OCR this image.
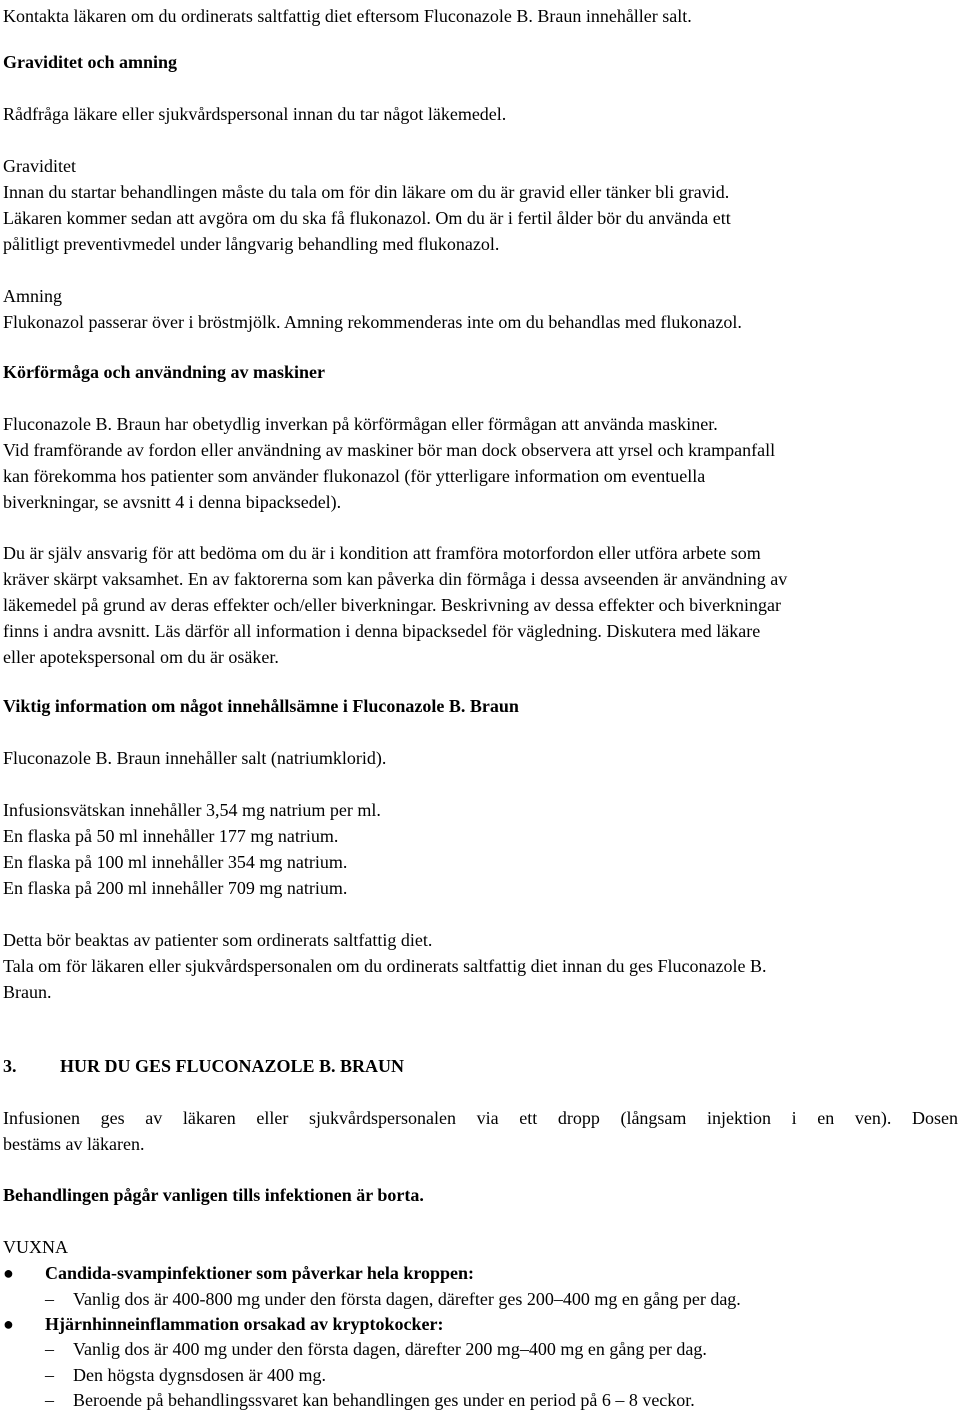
Kontakta läkaren om du ordinerats saltfattig diet eftersom Fluconazole B. Braun innehåller salt.
Graviditet och amning
Rådfråga läkare eller sjukvårdspersonal innan du tar något läkemedel.
Graviditet
Innan du startar behandlingen måste du tala om för din läkare om du är gravid eller tänker bli gravid.
Läkaren kommer sedan att avgöra om du ska få flukonazol. Om du är i fertil ålder bör du använda ett
pålitligt preventivmedel under långvarig behandling med flukonazol.
Amning
Flukonazol passerar över i bröstmjölk. Amning rekommenderas inte om du behandlas med flukonazol.
Körförmåga och användning av maskiner
Fluconazole B. Braun har obetydlig inverkan på körförmågan eller förmågan att använda maskiner.
Vid framförande av fordon eller användning av maskiner bör man dock observera att yrsel och krampanfall
kan förekomma hos patienter som använder flukonazol (för ytterligare information om eventuella
biverkningar, se avsnitt 4 i denna bipacksedel).
Du är själv ansvarig för att bedöma om du är i kondition att framföra motorfordon eller utföra arbete som
kräver skärpt vaksamhet. En av faktorerna som kan påverka din förmåga i dessa avseenden är användning av
läkemedel på grund av deras effekter och/eller biverkningar. Beskrivning av dessa effekter och biverkningar
finns i andra avsnitt. Läs därför all information i denna bipacksedel för vägledning. Diskutera med läkare
eller apotekspersonal om du är osäker.
Viktig information om något innehållsämne i Fluconazole B. Braun
Fluconazole B. Braun innehåller salt (natriumklorid).
Infusionsvätskan innehåller 3,54 mg natrium per ml.
En flaska på 50 ml innehåller 177 mg natrium.
En flaska på 100 ml innehåller 354 mg natrium.
En flaska på 200 ml innehåller 709 mg natrium.
Detta bör beaktas av patienter som ordinerats saltfattig diet.
Tala om för läkaren eller sjukvårdspersonalen om du ordinerats saltfattig diet innan du ges Fluconazole B.
Braun.
3. HUR DU GES FLUCONAZOLE B. BRAUN
Infusionen ges av läkaren eller sjukvårdspersonalen via ett dropp (långsam injektion i en ven). Dosen
bestäms av läkaren.
Behandlingen pågår vanligen tills infektionen är borta.
VUXNA
● Candida-svampinfektioner som påverkar hela kroppen:
–	Vanlig dos är 400-800 mg under den första dagen, därefter ges 200–400 mg en gång per dag.
● Hjärnhinneinflammation orsakad av kryptokocker:
–	Vanlig dos är 400 mg under den första dagen, därefter 200 mg–400 mg en gång per dag.
–	Den högsta dygnsdosen är 400 mg.
–	Beroende på behandlingssvaret kan behandlingen ges under en period på 6 – 8 veckor.
